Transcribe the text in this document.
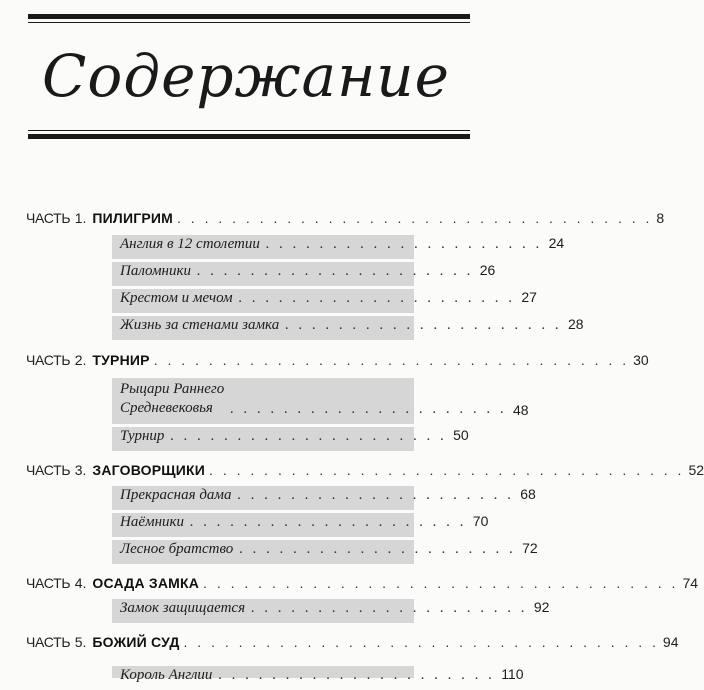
Содержание
ЧАСТЬ
1. ПИЛИГРИМ . . . . . . . . . . . . . . . . . . . . . . . . . . . . . . . . . . . 8
Англия в 12 столетии . . . . . . . . . . . . . . . . . . . . . 24
Паломники . . . . . . . . . . . . . . . . . . . . . 26
Крестом и мечом . . . . . . . . . . . . . . . . . . . . . 27
Жизнь за стенами замка . . . . . . . . . . . . . . . . . . . . . 28
ЧАСТЬ
2. ТУРНИР . . . . . . . . . . . . . . . . . . . . . . . . . . . . . . . . . . . 30
Рыцари Раннего
Средневековья	. . . . . . . . . . . . . . . . . . . . . 48
Турнир . . . . . . . . . . . . . . . . . . . . . 50
ЧАСТЬ
3. ЗАГОВОРЩИКИ . . . . . . . . . . . . . . . . . . . . . . . . . . . . . . . . . . . 52
Прекрасная дама . . . . . . . . . . . . . . . . . . . . . 68
Наёмники . . . . . . . . . . . . . . . . . . . . . 70
Лесное братство . . . . . . . . . . . . . . . . . . . . . 72
ЧАСТЬ
4. ОСАДА ЗАМКА . . . . . . . . . . . . . . . . . . . . . . . . . . . . . . . . . . . 74
Замок защищается . . . . . . . . . . . . . . . . . . . . . 92
ЧАСТЬ
5. БОЖИЙ СУД . . . . . . . . . . . . . . . . . . . . . . . . . . . . . . . . . . . 94
Король Англии . . . . . . . . . . . . . . . . . . . . . 110
